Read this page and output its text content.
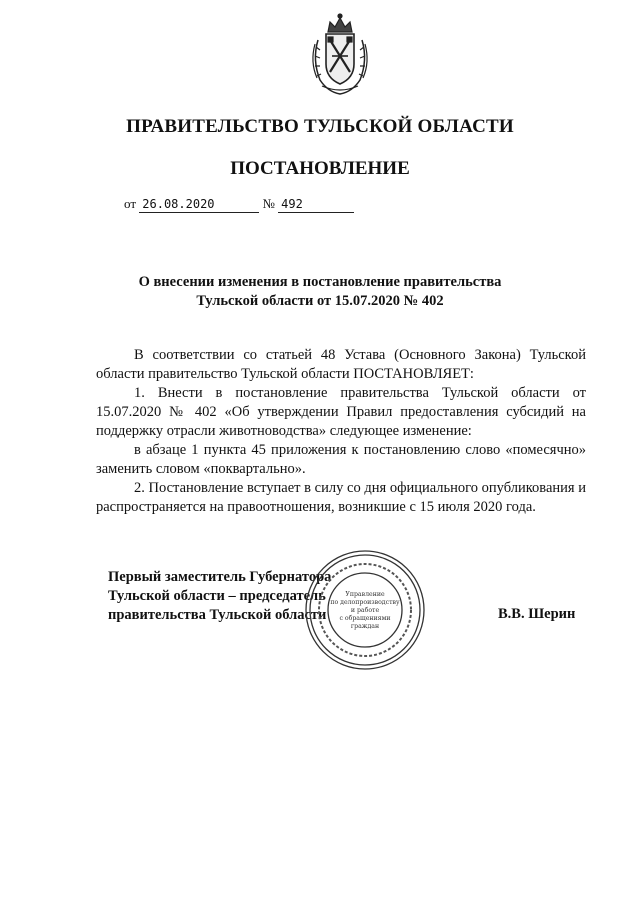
ПРАВИТЕЛЬСТВО ТУЛЬСКОЙ ОБЛАСТИ
ПОСТАНОВЛЕНИЕ
от 26.08.2020	№ 492
О внесении изменения в постановление правительства
Тульской области от 15.07.2020 № 402

В соответствии со статьей 48 Устава (Основного Закона) Тульской области правительство Тульской области ПОСТАНОВЛЯЕТ:

1. Внести в постановление правительства Тульской области от 15.07.2020 № 402 «Об утверждении Правил предоставления субсидий на поддержку отрасли животноводства» следующее изменение:

в абзаце 1 пункта 45 приложения к постановлению слово «помесячно» заменить словом «поквартально».

2. Постановление вступает в силу со дня официального опубликования и распространяется на правоотношения, возникшие с 15 июля 2020 года.

Первый заместитель Губернатора
Тульской области – председатель
правительства Тульской области	В.В. Шерин
Управление
по делопроизводству
и работе
с обращениями
граждан
